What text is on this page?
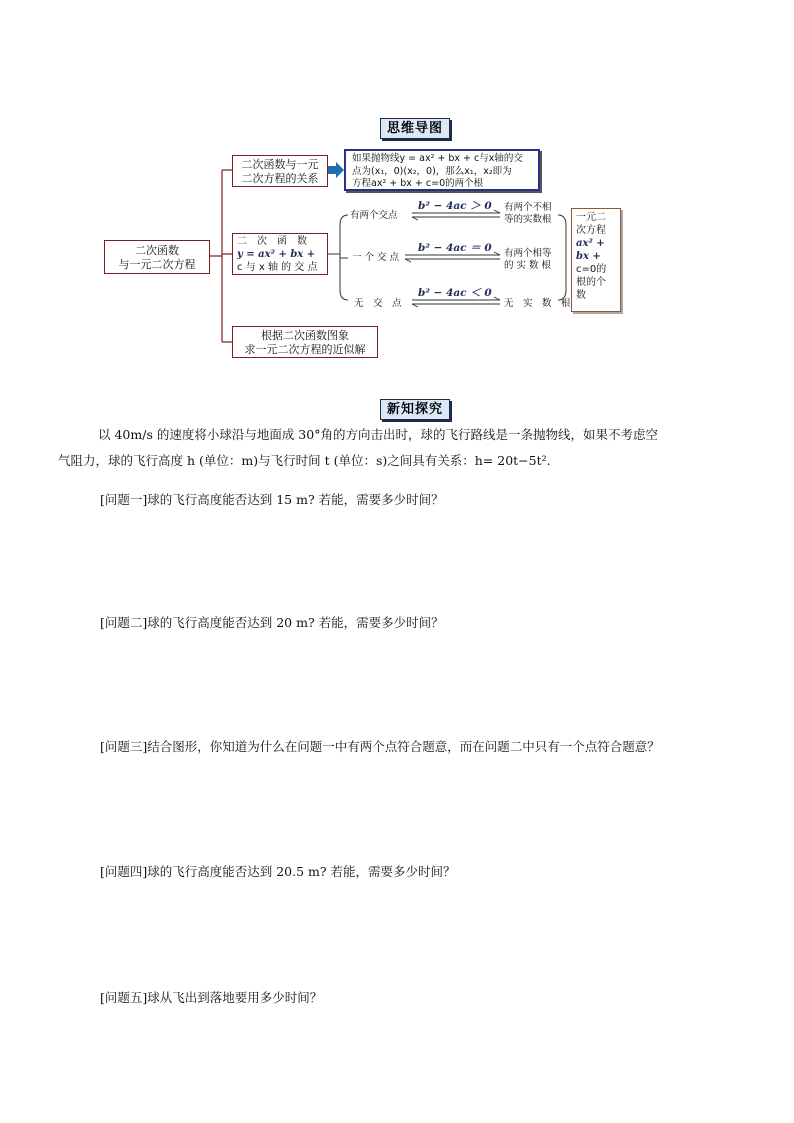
思维导图
二次函数
与一元二次方程
二次函数与一元
二次方程的关系
如果抛物线y = ax² + bx + c与x轴的交
点为(x₁，0)(x₂，0)，那么x₁，x₂即为
方程ax² + bx + c=0的两个根
二　次　函　数
y = ax² + bx +
c 与 x 轴 的 交 点
根据二次函数图象
求一元二次方程的近似解
有两个交点
b² − 4ac ＞ 0 有两个不相
等的实数根
一 个 交 点
b² − 4ac ＝ 0 有两个相等
的 实 数 根
无　交　点
b² − 4ac ＜ 0
无　实　数　根
一元二
次方程
ax² +
bx +
c=0的
根的个
数
新知探究
以 40m/s 的速度将小球沿与地面成 30°角的方向击出时，球的飞行路线是一条抛物线，如果不考虑空
气阻力，球的飞行高度 h (单位：m)与飞行时间 t (单位：s)之间具有关系：h= 20t−5t².
[问题一]球的飞行高度能否达到 15 m? 若能，需要多少时间？
[问题二]球的飞行高度能否达到 20 m? 若能，需要多少时间？
[问题三]结合图形，你知道为什么在问题一中有两个点符合题意，而在问题二中只有一个点符合题意？
[问题四]球的飞行高度能否达到 20.5 m? 若能，需要多少时间？
[问题五]球从飞出到落地要用多少时间？
